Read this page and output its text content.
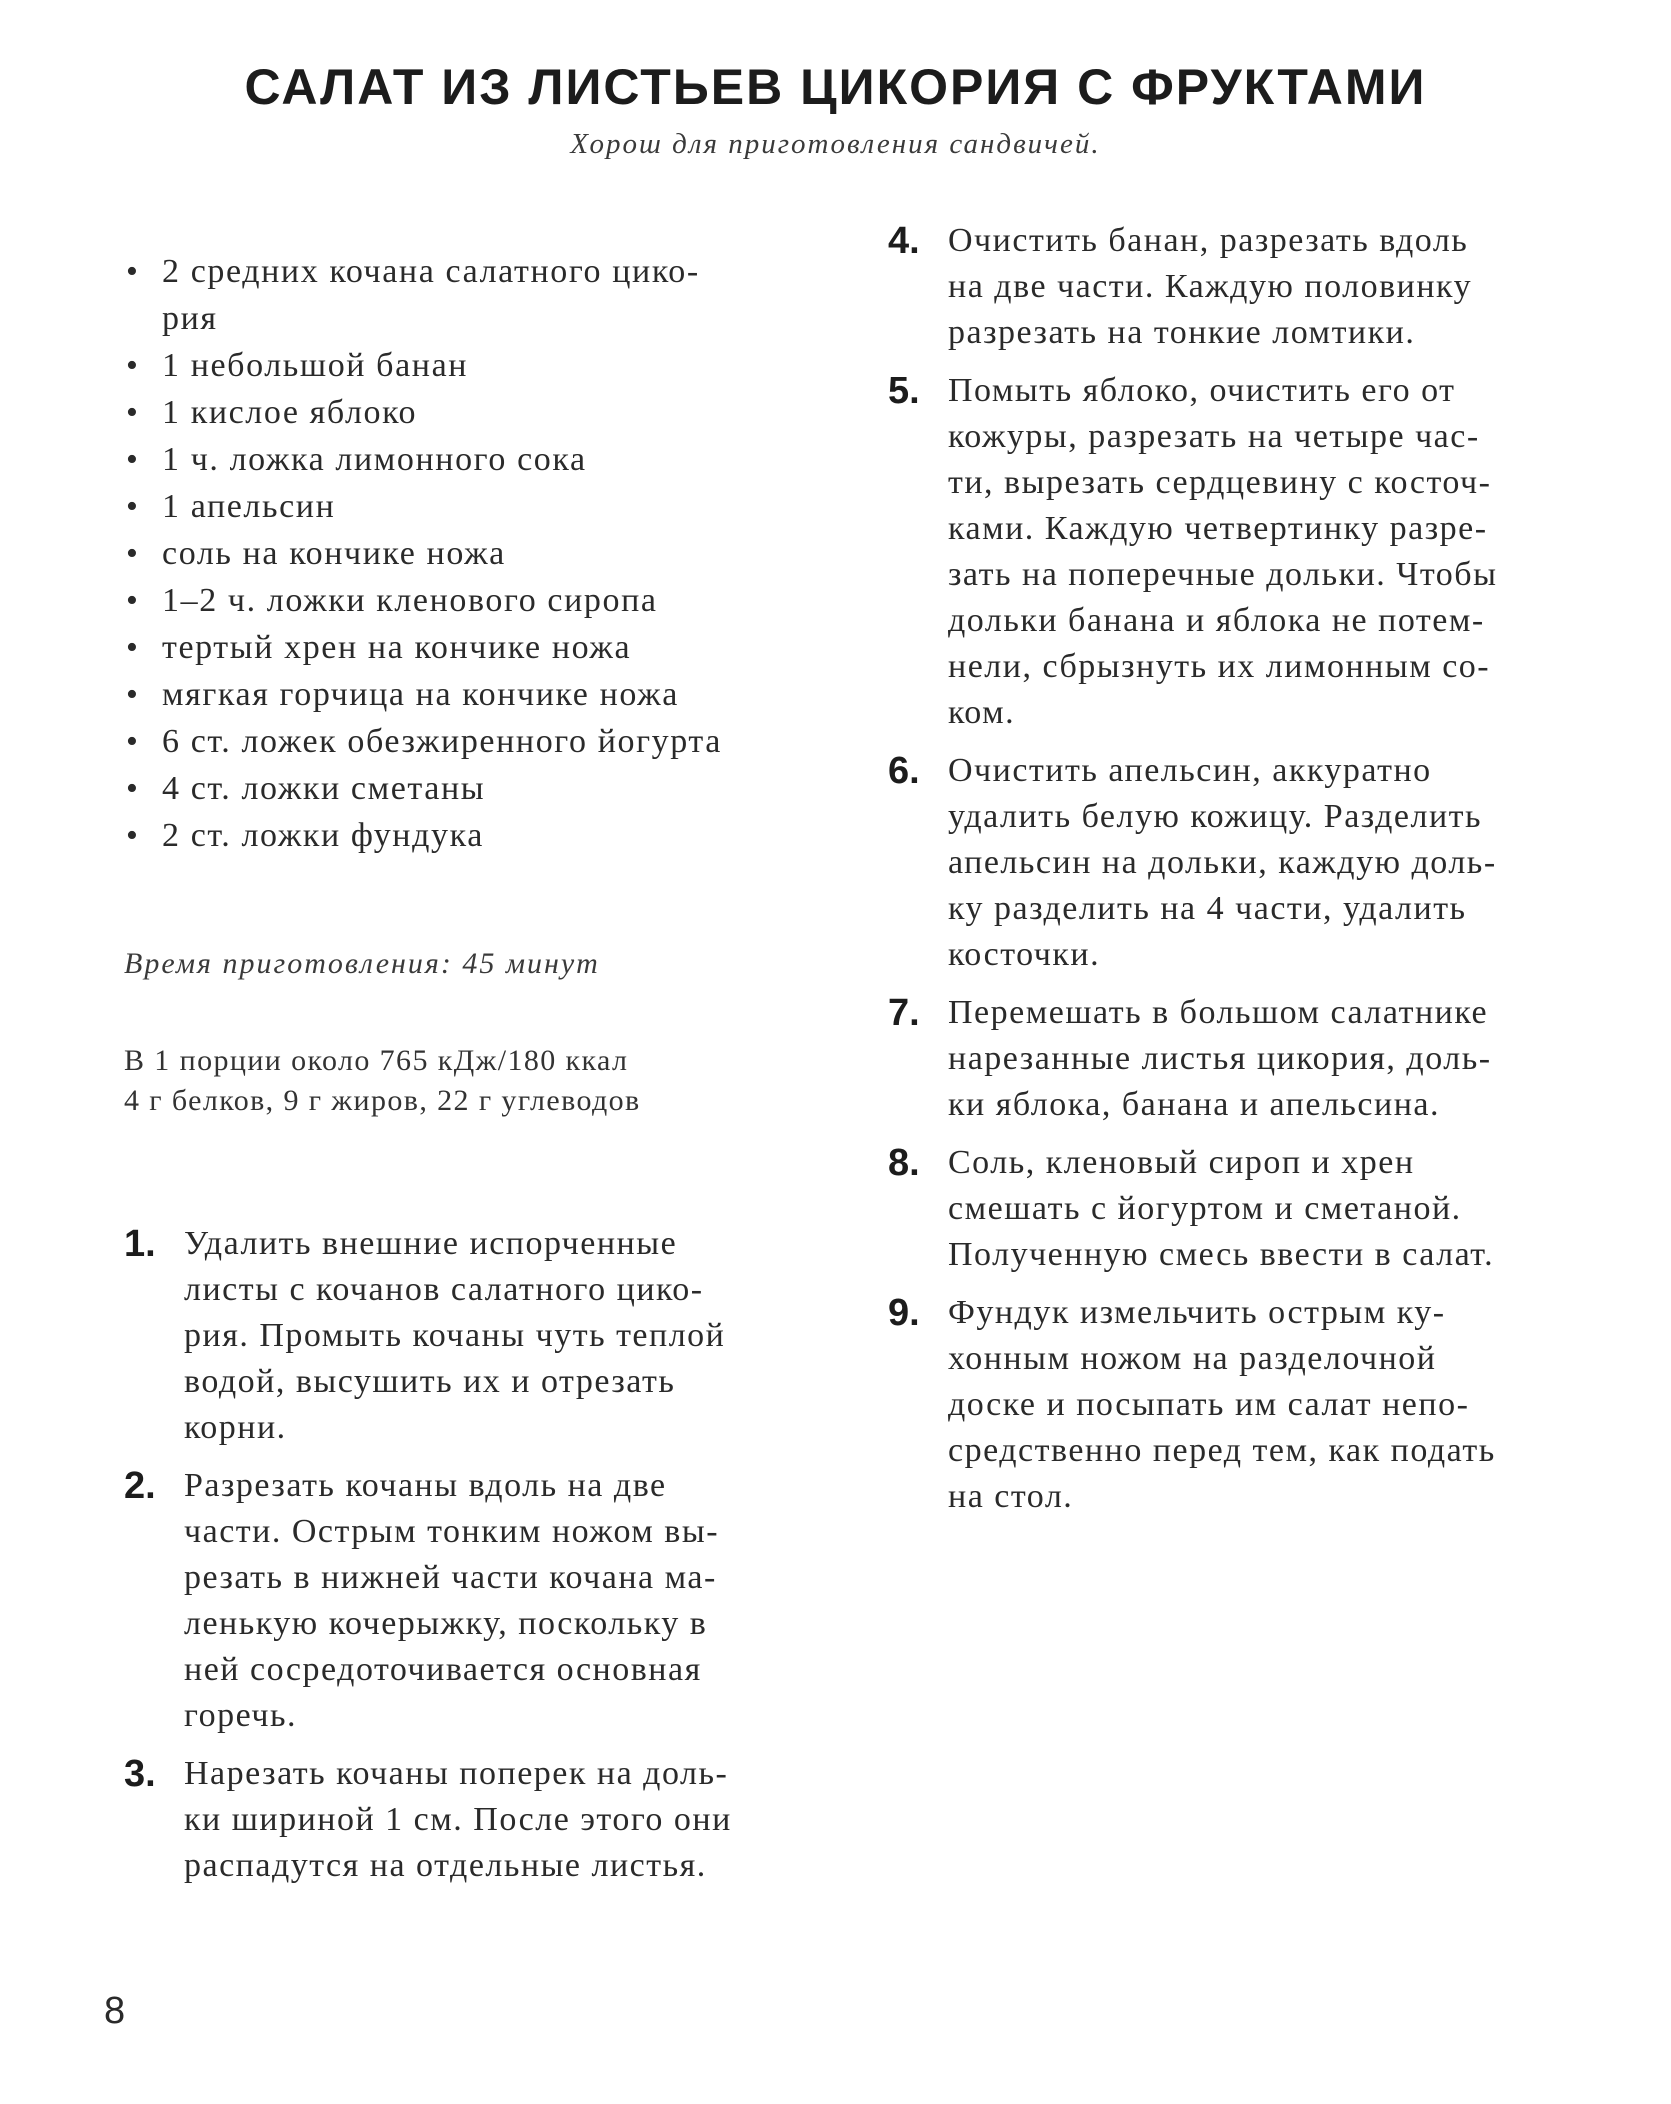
САЛАТ ИЗ ЛИСТЬЕВ ЦИКОРИЯ С ФРУКТАМИ

Хорош для приготовления сандвичей.

• 2 средних кочана салатного цико-
рия
• 1 небольшой банан
• 1 кислое яблоко
• 1 ч. ложка лимонного сока
• 1 апельсин
• соль на кончике ножа
• 1–2 ч. ложки кленового сиропа
• тертый хрен на кончике ножа
• мягкая горчица на кончике ножа
• 6 ст. ложек обезжиренного йогурта
• 4 ст. ложки сметаны
• 2 ст. ложки фундука

Время приготовления: 45 минут

В 1 порции около 765 кДж/180 ккал
4 г белков, 9 г жиров, 22 г углеводов
1. Удалить внешние испорченные
листы с кочанов салатного цико-
рия. Промыть кочаны чуть теплой
водой, высушить их и отрезать
корни.
2. Разрезать кочаны вдоль на две
части. Острым тонким ножом вы-
резать в нижней части кочана ма-
ленькую кочерыжку, поскольку в
ней сосредоточивается основная
горечь.
3. Нарезать кочаны поперек на доль-
ки шириной 1 см. После этого они
распадутся на отдельные листья.
4. Очистить банан, разрезать вдоль
на две части. Каждую половинку
разрезать на тонкие ломтики.
5. Помыть яблоко, очистить его от
кожуры, разрезать на четыре час-
ти, вырезать сердцевину с косточ-
ками. Каждую четвертинку разре-
зать на поперечные дольки. Чтобы
дольки банана и яблока не потем-
нели, сбрызнуть их лимонным со-
ком.
6. Очистить апельсин, аккуратно
удалить белую кожицу. Разделить
апельсин на дольки, каждую доль-
ку разделить на 4 части, удалить
косточки.
7. Перемешать в большом салатнике
нарезанные листья цикория, доль-
ки яблока, банана и апельсина.
8. Соль, кленовый сироп и хрен
смешать с йогуртом и сметаной.
Полученную смесь ввести в салат.
9. Фундук измельчить острым ку-
хонным ножом на разделочной
доске и посыпать им салат непо-
средственно перед тем, как подать
на стол.
8
